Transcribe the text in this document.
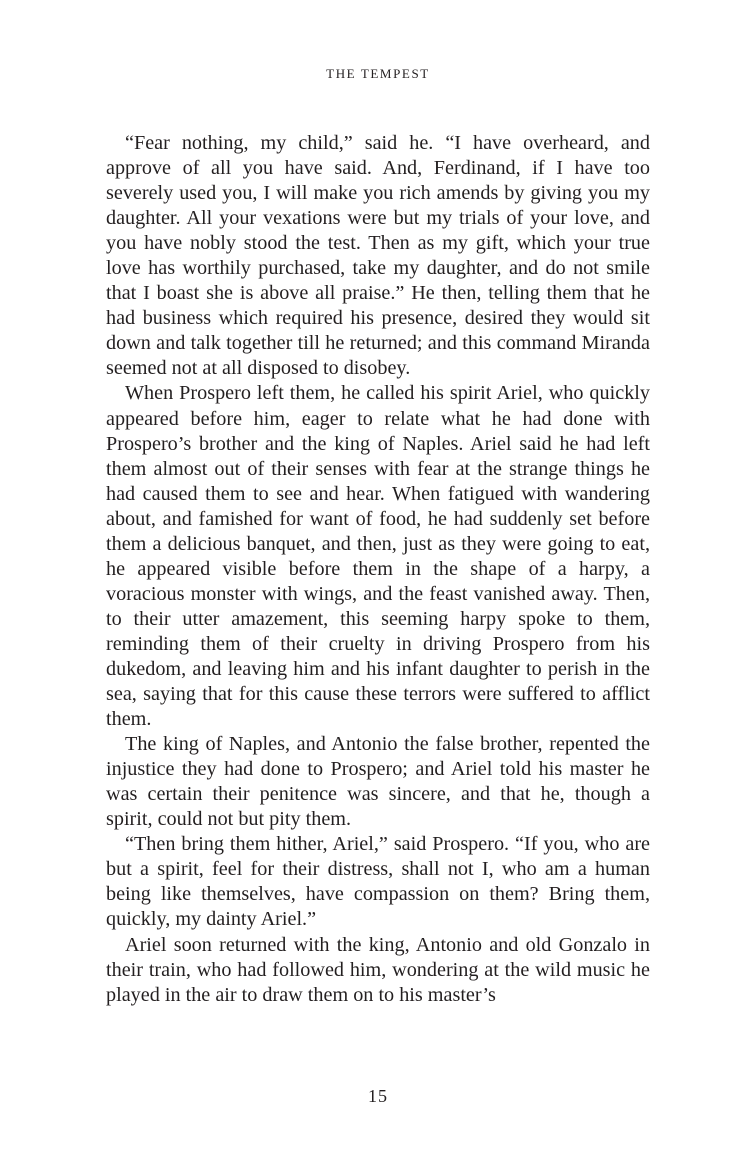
THE TEMPEST

“Fear nothing, my child,” said he. “I have overheard, and approve of all you have said. And, Ferdinand, if I have too severely used you, I will make you rich amends by giving you my daughter. All your vexations were but my trials of your love, and you have nobly stood the test. Then as my gift, which your true love has worthily purchased, take my daughter, and do not smile that I boast she is above all praise.” He then, telling them that he had business which required his presence, desired they would sit down and talk together till he returned; and this command Miranda seemed not at all disposed to disobey.

When Prospero left them, he called his spirit Ariel, who quickly appeared before him, eager to relate what he had done with Prospero’s brother and the king of Naples. Ariel said he had left them almost out of their senses with fear at the strange things he had caused them to see and hear. When fatigued with wandering about, and famished for want of food, he had suddenly set before them a delicious banquet, and then, just as they were going to eat, he appeared visible before them in the shape of a harpy, a voracious monster with wings, and the feast vanished away. Then, to their utter amazement, this seeming harpy spoke to them, reminding them of their cruelty in driving Prospero from his dukedom, and leaving him and his infant daughter to perish in the sea, saying that for this cause these terrors were suffered to afflict them.

The king of Naples, and Antonio the false brother, repented the injustice they had done to Prospero; and Ariel told his master he was certain their penitence was sincere, and that he, though a spirit, could not but pity them.

“Then bring them hither, Ariel,” said Prospero. “If you, who are but a spirit, feel for their distress, shall not I, who am a human being like themselves, have compassion on them? Bring them, quickly, my dainty Ariel.”

Ariel soon returned with the king, Antonio and old Gonzalo in their train, who had followed him, wondering at the wild music he played in the air to draw them on to his master’s

15
